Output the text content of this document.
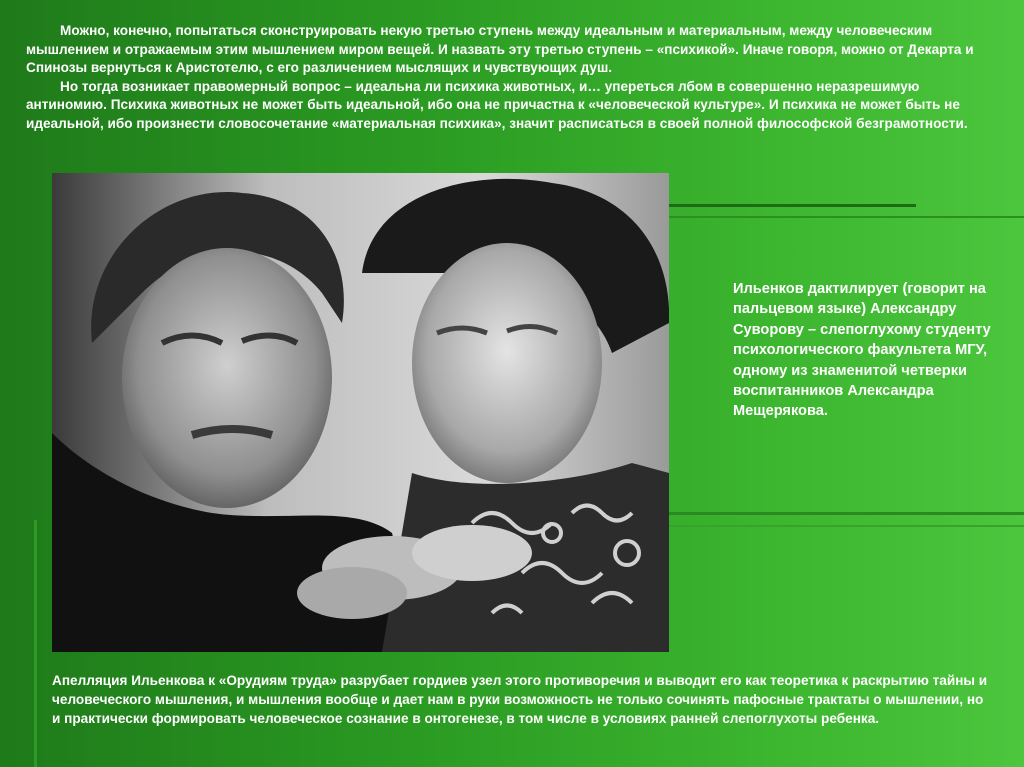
Можно, конечно, попытаться сконструировать некую третью ступень между идеальным и материальным, между человеческим мышлением и отражаемым этим мышлением миром вещей. И назвать эту третью ступень – «психикой». Иначе говоря, можно от Декарта и Спинозы вернуться к Аристотелю, с его различением мыслящих и чувствующих душ.

Но тогда возникает правомерный вопрос – идеальна ли психика животных, и… упереться лбом в совершенно неразрешимую антиномию. Психика животных не может быть идеальной, ибо она не причастна к «человеческой культуре». И психика не может быть не идеальной, ибо произнести словосочетание «материальная психика», значит расписаться в своей полной философской безграмотности.

Ильенков дактилирует (говорит на пальцевом языке) Александру Суворову – слепоглухому студенту психологического факультета МГУ, одному из знаменитой четверки воспитанников Александра Мещерякова.
Апелляция Ильенкова к «Орудиям труда» разрубает гордиев узел этого противоречия и выводит его как теоретика к раскрытию тайны и человеческого мышления, и мышления вообще и дает нам в руки возможность не только сочинять пафосные трактаты о мышлении, но и практически формировать человеческое сознание в онтогенезе, в том числе в условиях ранней слепоглухоты ребенка.
